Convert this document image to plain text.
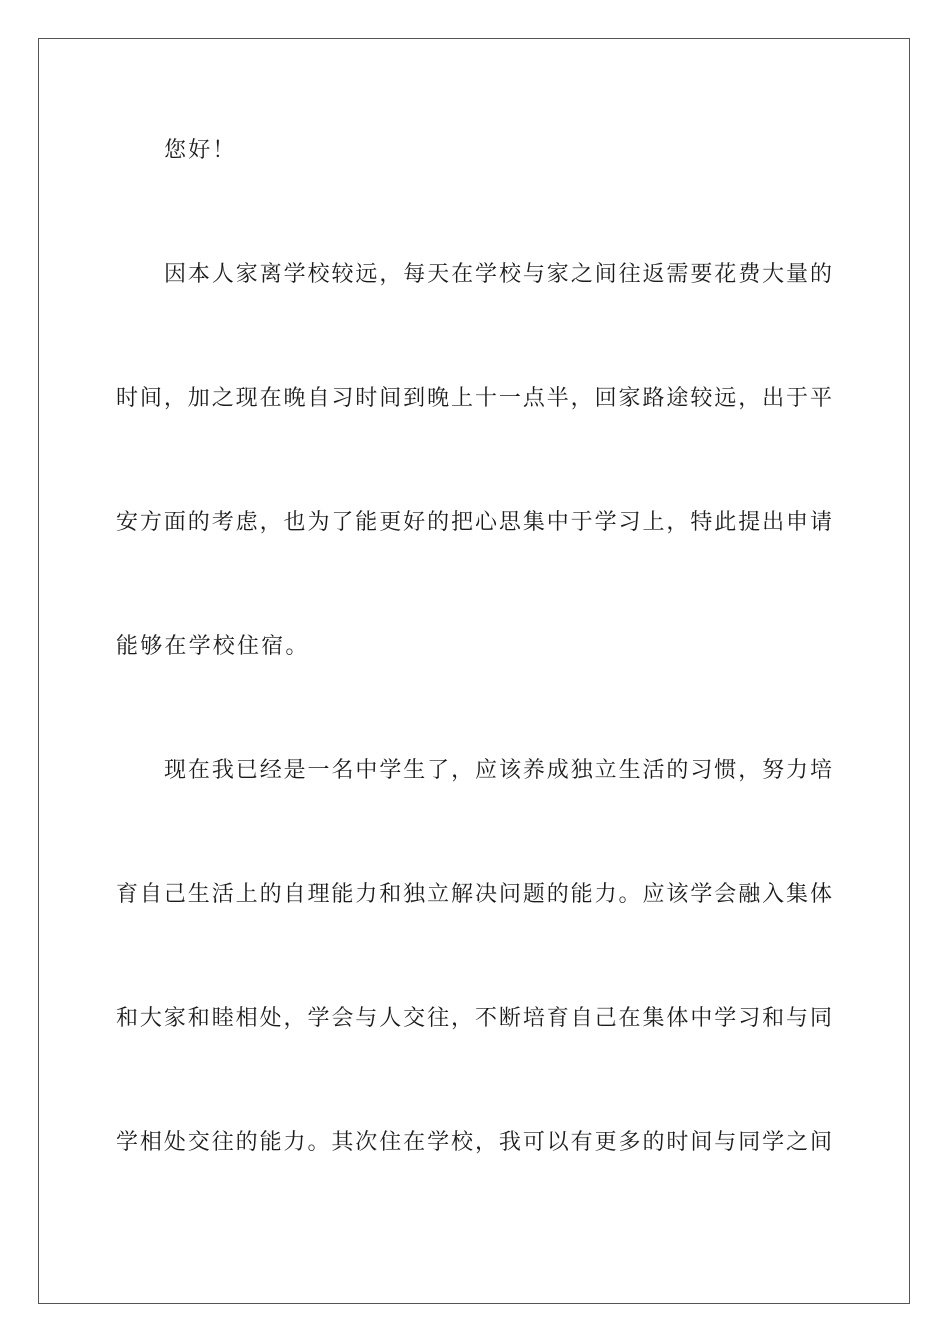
您好！
因本人家离学校较远，每天在学校与家之间往返需要花费大量的
时间，加之现在晚自习时间到晚上十一点半，回家路途较远，出于平
安方面的考虑，也为了能更好的把心思集中于学习上，特此提出申请
能够在学校住宿。
现在我已经是一名中学生了，应该养成独立生活的习惯，努力培
育自己生活上的自理能力和独立解决问题的能力。应该学会融入集体
和大家和睦相处，学会与人交往，不断培育自己在集体中学习和与同
学相处交往的能力。其次住在学校，我可以有更多的时间与同学之间
